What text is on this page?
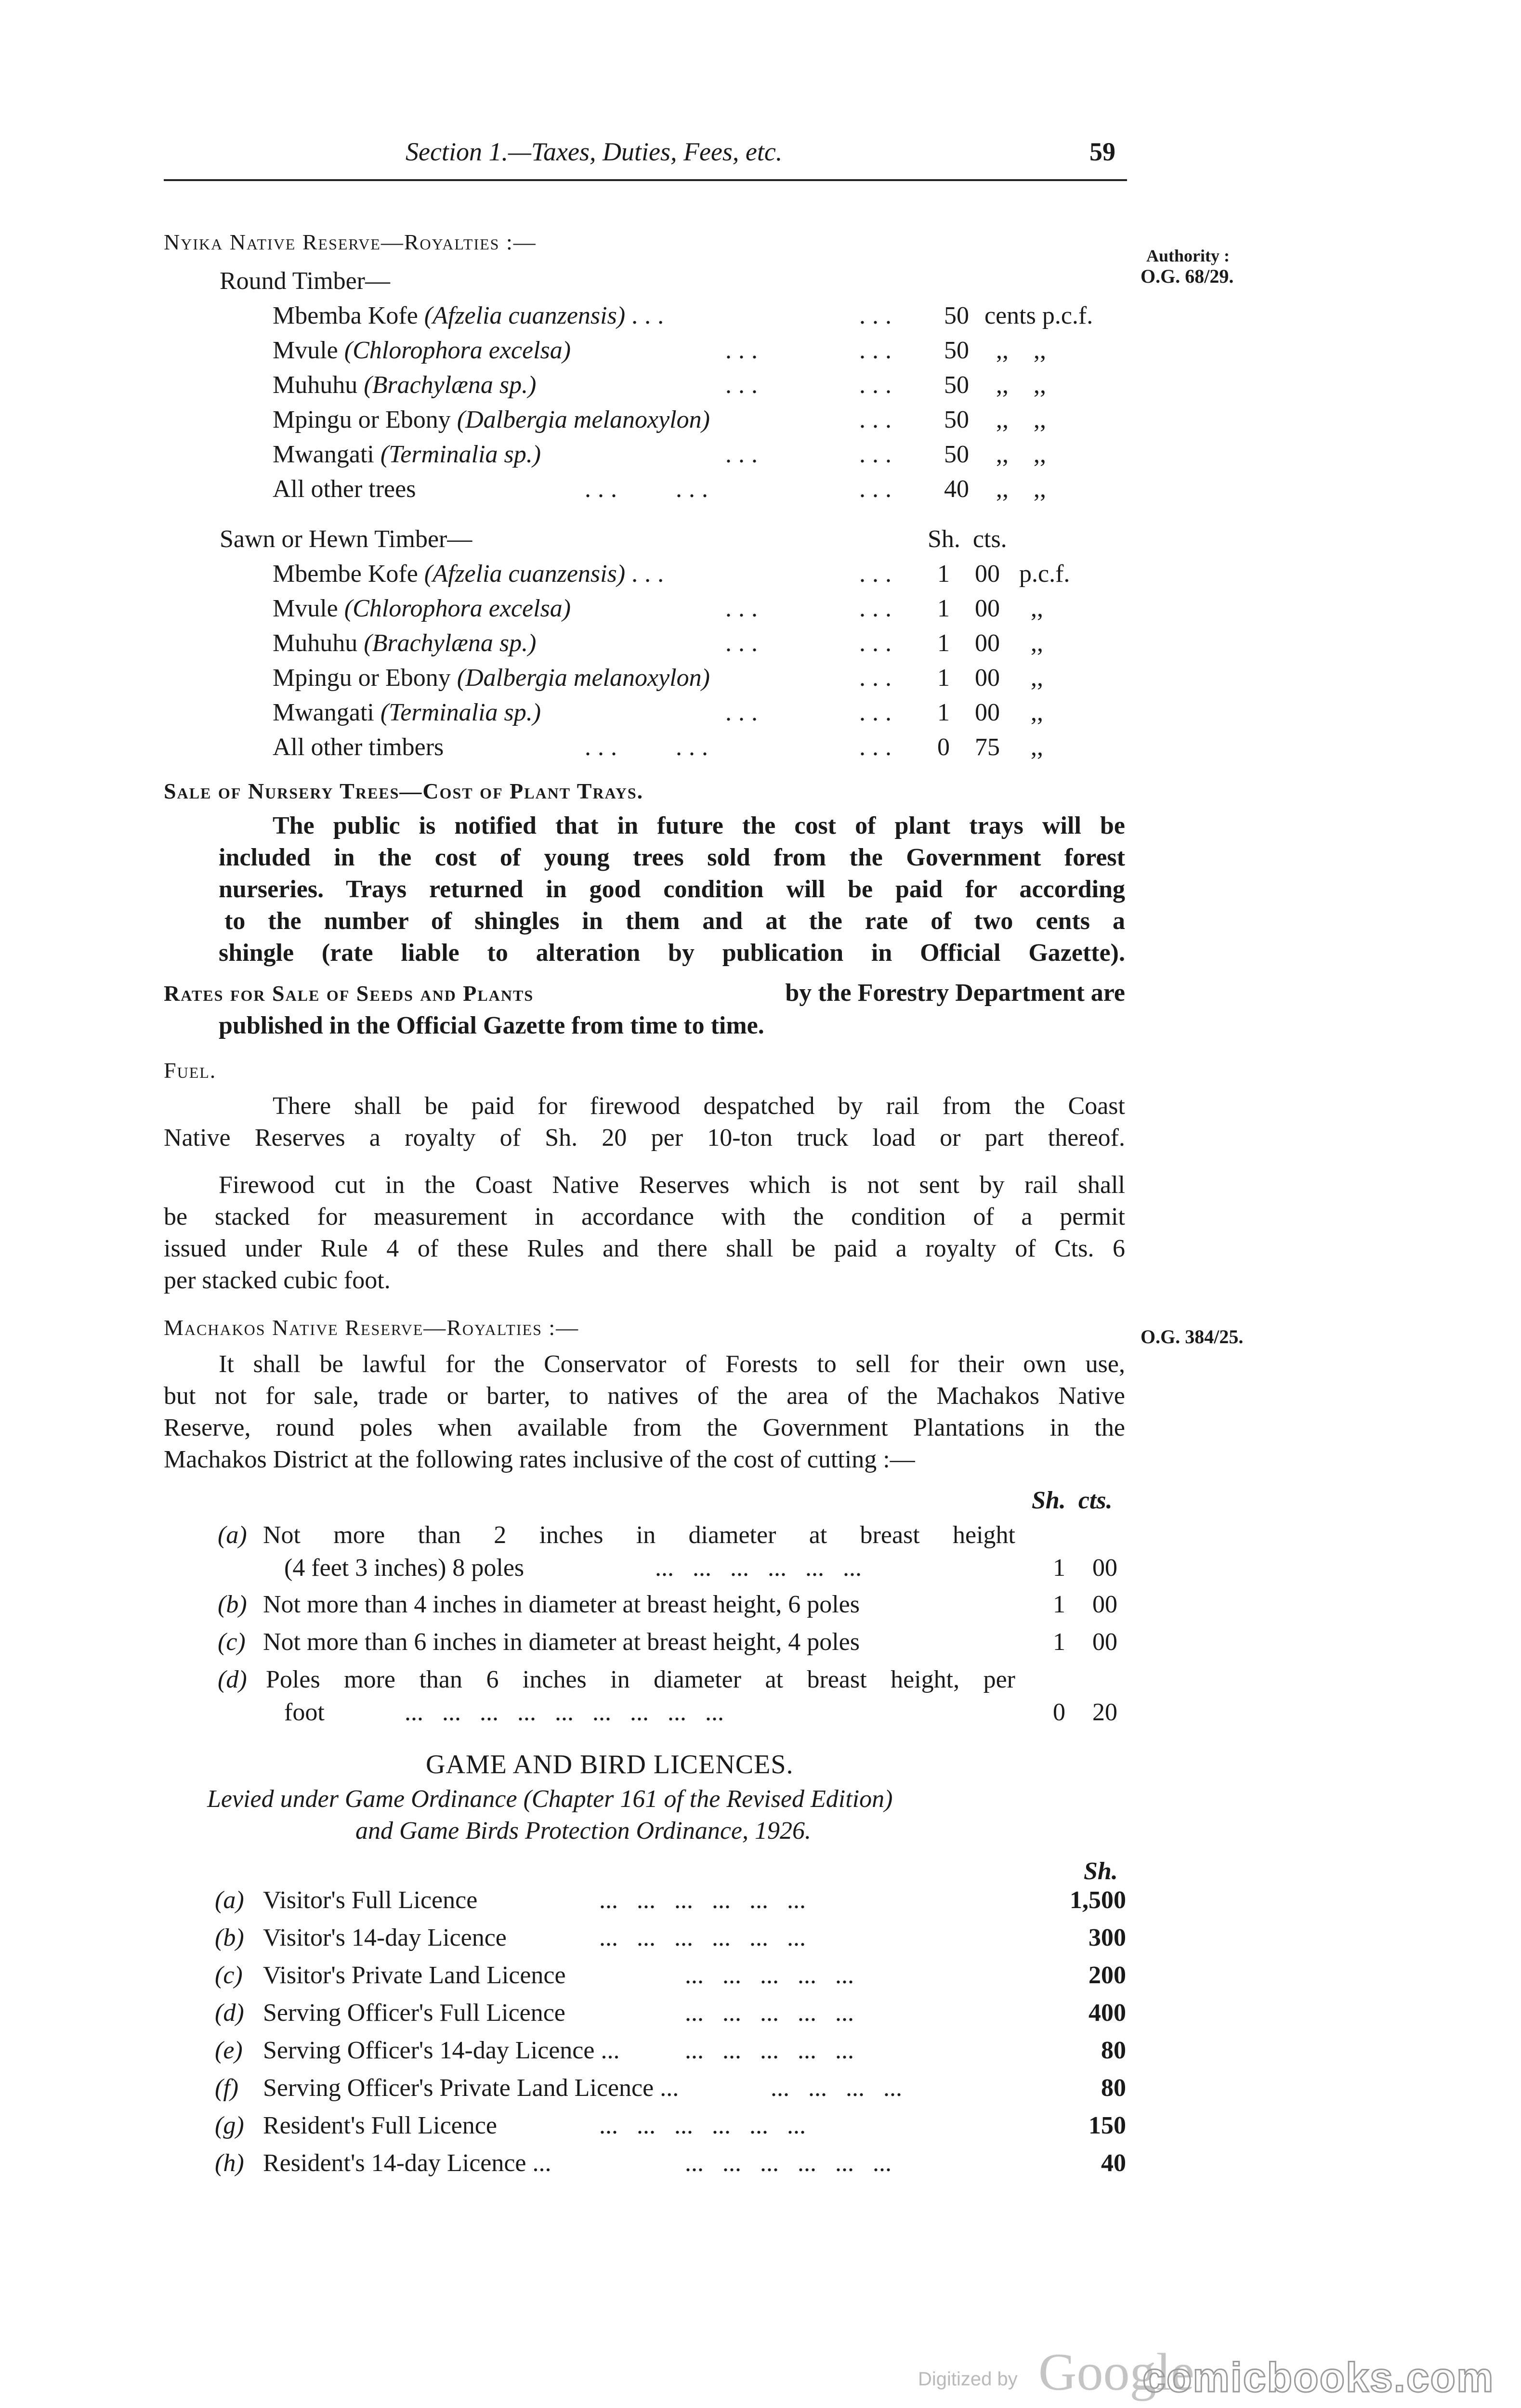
Section 1.—Taxes, Duties, Fees, etc.	59
Nyika Native Reserve—Royalties :—
Authority :
O.G. 68/29.
Round Timber—
Mbemba Kofe (Afzelia cuanzensis) ...	... 50 cents p.c.f.
Mvule (Chlorophora excelsa)	...	... 50 ,,    ,,
Muhuhu (Brachylæna sp.)	...	... 50 ,,    ,,
Mpingu or Ebony (Dalbergia melanoxylon)	... 50 ,,    ,,
Mwangati (Terminalia sp.)	...	... 50 ,,    ,,
All other trees	...    ...	... 40 ,,    ,,
Sawn or Hewn Timber—	Sh.  cts.
Mbembe Kofe (Afzelia cuanzensis) ...	... 1 00 p.c.f.
Mvule (Chlorophora excelsa)	...	... 1 00 ,,
Muhuhu (Brachylæna sp.)	...	... 1 00 ,,
Mpingu or Ebony (Dalbergia melanoxylon)	... 1 00 ,,
Mwangati (Terminalia sp.)	...	... 1 00 ,,
All other timbers	...    ...	... 0 75 ,,
Sale of Nursery Trees—Cost of Plant Trays.
The public is notified that in future the cost of plant trays will be
included in the cost of young trees sold from the Government forest
nurseries. Trays returned in good condition will be paid for according
to the number of shingles in them and at the rate of two cents a
shingle (rate liable to alteration by publication in Official Gazette).
Rates for Sale of Seeds and Plants	by the Forestry Department are
published in the Official Gazette from time to time.
Fuel.
There shall be paid for firewood despatched by rail from the Coast
Native Reserves a royalty of Sh. 20 per 10-ton truck load or part thereof.
Firewood cut in the Coast Native Reserves which is not sent by rail shall
be stacked for measurement in accordance with the condition of a permit
issued under Rule 4 of these Rules and there shall be paid a royalty of Cts. 6
per stacked cubic foot.
Machakos Native Reserve—Royalties :—	O.G. 384/25.
It shall be lawful for the Conservator of Forests to sell for their own use,
but not for sale, trade or barter, to natives of the area of the Machakos Native
Reserve, round poles when available from the Government Plantations in the
Machakos District at the following rates inclusive of the cost of cutting :—
Sh.  cts.
(a) Not more than 2 inches in diameter at breast height
(4 feet 3 inches) 8 poles	...   ...   ...   ...   ...   ...	1 00
(b) Not more than 4 inches in diameter at breast height, 6 poles	1 00
(c) Not more than 6 inches in diameter at breast height, 4 poles	1 00
(d) Poles more than 6 inches in diameter at breast height, per
foot	...   ...   ...   ...   ...   ...   ...   ...   ...	0 20
GAME AND BIRD LICENCES.
Levied under Game Ordinance (Chapter 161 of the Revised Edition)
and Game Birds Protection Ordinance, 1926.
Sh.
(a) Visitor's Full Licence	...   ...   ...   ...   ...   ...	1,500
(b) Visitor's 14-day Licence	...   ...   ...   ...   ...   ...	300
(c) Visitor's Private Land Licence	...   ...   ...   ...   ...	200
(d) Serving Officer's Full Licence	...   ...   ...   ...   ...	400
(e) Serving Officer's 14-day Licence ...	...   ...   ...   ...   ...	80
(f) Serving Officer's Private Land Licence ...	...   ...   ...   ...	80
(g) Resident's Full Licence	...   ...   ...   ...   ...   ...	150
(h) Resident's 14-day Licence ...	...   ...   ...   ...   ...   ...	40
Digitized by Google
comicbooks.com
